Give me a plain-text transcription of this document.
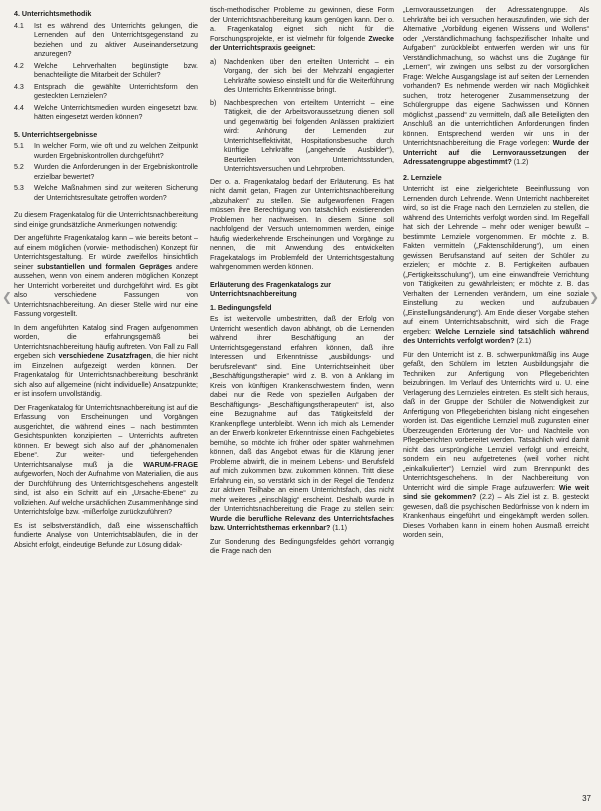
❮	❯
4. Unterrichtsmethodik
4.1	Ist es während des Unterrichts gelungen, die Lernenden auf den Unterrichtsgegenstand zu beziehen und zu aktiver Auseinandersetzung anzuregen?
4.2	Welche Lehrverhalten begünstigte bzw. benachteiligte die Mitarbeit der Schüler?
4.3	Entsprach die gewählte Unterrichtsform den gesteckten Lernzielen?
4.4	Welche Unterrichtsmedien wurden eingesetzt bzw. hätten eingesetzt werden können?
5. Unterrichtsergebnisse
5.1	In welcher Form, wie oft und zu welchen Zeitpunkt wurden Ergebniskontrollen durchgeführt?
5.2	Wurden die Anforderungen in der Ergebniskontrolle erzielbar bewertet?
5.3	Welche Maßnahmen sind zur weiteren Sicherung der Unterrichtsresultate getroffen worden?

Zu diesem Fragenkatalog für die Unterrichtsnachbereitung sind einige grundsätzliche Anmerkungen notwendig:

Der angeführte Fragenkatalog kann – wie bereits betont – auf einem möglichen (vorwie- methodischen) Konzept für Unterrichtsgestaltung. Er würde zweifellos hinsichtlich seiner substantiellen und formalen Gepräges andere aussehen, wenn von einem anderen möglichen Konzept her Unterricht vorbereitet und durchgeführt wird. Es gibt also verschiedene Fassungen von Unterrichtsnachbereitung. An dieser Stelle wird nur eine Fassung vorgestellt.

In dem angeführten Katalog sind Fragen aufgenommen worden, die erfahrungsgemäß bei Unterrichtsnachbereitung häufig auftreten. Von Fall zu Fall ergeben sich verschiedene Zusatzfragen, die hier nicht im Einzelnen aufgezeigt werden können. Der Fragenkatalog für Unterrichtsnachbereitung beschränkt sich also auf allgemeine (nicht individuelle) Ansatzpunkte; er ist insofern unvollständig.

Der Fragenkatalog für Unterrichtsnachbereitung ist auf die Erfassung von Erscheinungen und Vorgängen ausgerichtet, die während eines – nach bestimmten Gesichtspunkten konzipierten – Unterrichts auftreten können. Er bewegt sich also auf der „phänomenalen Ebene“. Zur weiter- und tiefergehenden Unterrichtsanalyse muß ja die WARUM-FRAGE aufgeworfen, Noch der Aufnahme von Materialien, die aus der Durchführung des Unterrichtsgeschehens angestellt sind, ist also ein Schritt auf ein „Ursache-Ebene“ zu vollziehen. Auf welche ursächlichen Zusammenhänge sind Unterrichtsfolge bzw. -mißerfolge zurückzuführen?

Es ist selbstverständlich, daß eine wissenschaftlich fundierte Analyse von Unterrichtsabläufen, die in der Absicht erfolgt, eindeutige Befunde zur Lösung didak-

tisch-methodischer Probleme zu gewinnen, diese Form der Unterrichtsnachbereitung kaum genügen kann. Der o. a. Fragenkatalog eignet sich nicht für die Forschungsprojekte, er ist vielmehr für folgende Zwecke der Unterrichtspraxis geeignet:

a)	Nachdenken über den erteilten Unterricht – ein Vorgang, der sich bei der Mehrzahl engagierter Lehrkräfte sowieso einstellt und für die Weiterführung des Unterrichts Erkenntnisse bringt.
b)	Nachbesprechen von erteiltem Unterricht – eine Tätigkeit, die der Arbeitsvoraussetzung dienen soll und gegenwärtig bei folgenden Anlässen praktiziert wird: Anhörung der Lernenden zur Unterrichtseffektivität, Hospitationsbesuche durch künftige Lehrkräfte („angehende Ausbilder“), Beurteilen von Unterrichtsstunden, Unterrichtsversuchen und Lehrproben.

Der o. a. Fragenkatalog bedarf der Erläuterung. Es hat nicht damit getan, Fragen zur Unterrichtsnachbereitung „abzuhaken“ zu stellen. Sie aufgeworfenen Fragen müssen ihre Berechtigung von tatsächlich existierenden Problemen her nachweisen. In diesem Sinne soll nachfolgend der Versuch unternommen werden, einige häufig wiederkehrende Erscheinungen und Vorgänge zu nennen, die mit Anwendung des entwickelten Fragekatalogs im Problemfeld der Unterrichtsgestaltung wahrgenommen werden können.

Erläuterung des Fragenkatalogs zur Unterrichtsnachbereitung
1. Bedingungsfeld

Es ist weitervolle umbestritten, daß der Erfolg von Unterricht wesentlich davon abhängt, ob die Lernenden während ihrer Beschäftigung an der Unterrichtsgegenstand erfahren können, daß ihre Interessen und Erkenntnisse „ausbildungs- und berufsrelevant“ sind. Eine Unterrichtseinheit über „Beschäftigungstherapie“ wird z. B. von ä Anklang im Kreis von künftigen Krankenschwestern finden, wenn dabei nur die Rede von speziellen Aufgaben der Beschäftigungs- „Beschäftigungstherapeuten“ ist, also eine Bezugnahme auf das Tätigkeitsfeld der Krankenpflege unterbleibt. Wenn ich mich als Lernender an der Erwerb konkreter Erkenntnisse einen Fachgebietes bemühe, so möchte ich früher oder später wahrnehmen können, daß das Angebot etwas für die Klärung jener Probleme abwirft, die in meinem Lebens- und Berufsfeld auf mich zukommen bzw. zukommen können. Tritt diese Erfahrung ein, so verstärkt sich in der Regel die Tendenz zur aktiven Teilhabe an einem Unterrichtsfach, das nicht mehr weiteres „einschlägig“ erscheint. Deshalb wurde in der Unterrichtsnachbereitung die Frage zu stellen sein: Wurde die berufliche Relevanz des Unterrichtsfaches bzw. Unterrichtsthemas erkennbar? (1.1)

Zur Sonderung des Bedingungsfeldes gehört vorrangig die Frage nach den

„Lernvoraussetzungen der Adressatengruppe. Als Lehrkräfte bei ich versuchen herauszufinden, wie sich der Alternative „Vorbildung eigenen Wissens und Wollens“ oder „Verständlichmachung fachspezifischer Inhalte und Aufgaben“ zurückbleibt entwerfen werden wir uns für Verständlichmachung, so wächst uns die Zugänge für „Lernen“, wir zwingen uns selbst zu der vorsorglichen Frage: Welche Ausgangslage ist auf seiten der Lernenden vorhanden? Es nehmende werden wir nach Möglichkeit suchen, trotz heterogener Zusammensetzung der Schülergruppe das eigene Sachwissen und Können möglichst „passend“ zu vermitteln, daß alle Beteiligten den Anschluß an die unterrichtlichen Anforderungen finden können. Entsprechend werden wir uns in der Unterrichtsnachbereitung die Frage vorlegen: Wurde der Unterricht auf die Lernvoraussetzungen der Adressatengruppe abgestimmt? (1.2)

2. Lernziele

Unterricht ist eine zielgerichtete Beeinflussung von Lernenden durch Lehrende. Wenn Unterricht nachbereitet wird, so ist die Frage nach den Lernzielen zu stellen, die während des Unterrichts verfolgt worden sind. Im Regelfall hat sich der Lehrende – mehr oder weniger bewußt – bestimmte Lernziele vorgenommen. Er möchte z. B. Fakten vermitteln („Faktenschilderung“), um einen gewissen Berufsanstand auf seiten der Schüler zu erzielen; er möchte z. B. Fertigkeiten aufbauen („Fertigkeitsschulung“), um eine einwandfreie Verrichtung von Tätigkeiten zu gewährleisten; er möchte z. B. das Verhalten der Lernenden verändern, um eine soziale Einstellung zu wecken und aufzubauen („Einstellungsänderung“). Am Ende dieser Vorgabe stehen auf einem Unterrichtsabschnitt, wird sich die Frage ergeben: Welche Lernziele sind tatsächlich während des Unterrichts verfolgt worden? (2.1)

Für den Unterricht ist z. B. schwerpunktmäßig ins Auge gefaßt, den Schülern im letzten Ausbildungsjahr die Techniken zur Anfertigung von Pflegeberichten beizubringen. Im Verlauf des Unterrichts wird u. U. eine Verlagerung des Lernzieles eintreten. Es stellt sich heraus, daß in der Gruppe der Schüler die Notwendigkeit zur Anfertigung von Pflegeberichten bislang nicht eingesehen worden ist. Das eigentliche Lernziel muß zugunsten einer Überzeugenden Erörterung der Vor- und Nachteile von Pflegeberichten vorbereitet werden. Tatsächlich wird damit nicht das ursprüngliche Lernziel verfolgt und erreicht, sondern ein neu aufgetretenes (weil vorher nicht „einkalkulierter“) Lernziel wird zum Brennpunkt des Unterrichtsgeschehens. In der Nachbereitung von Unterricht wird die simple Frage aufzuwerfen: Wie weit sind sie gekommen? (2.2) – Als Ziel ist z. B. gesteckt gewesen, daß die psychischen Bedürfnisse von k ndern im Krankenhaus eingeführt und eingekämpft werden sollen. Dieses Vorhaben kann in einem hohen Ausmaß erreicht worden sein,

37
